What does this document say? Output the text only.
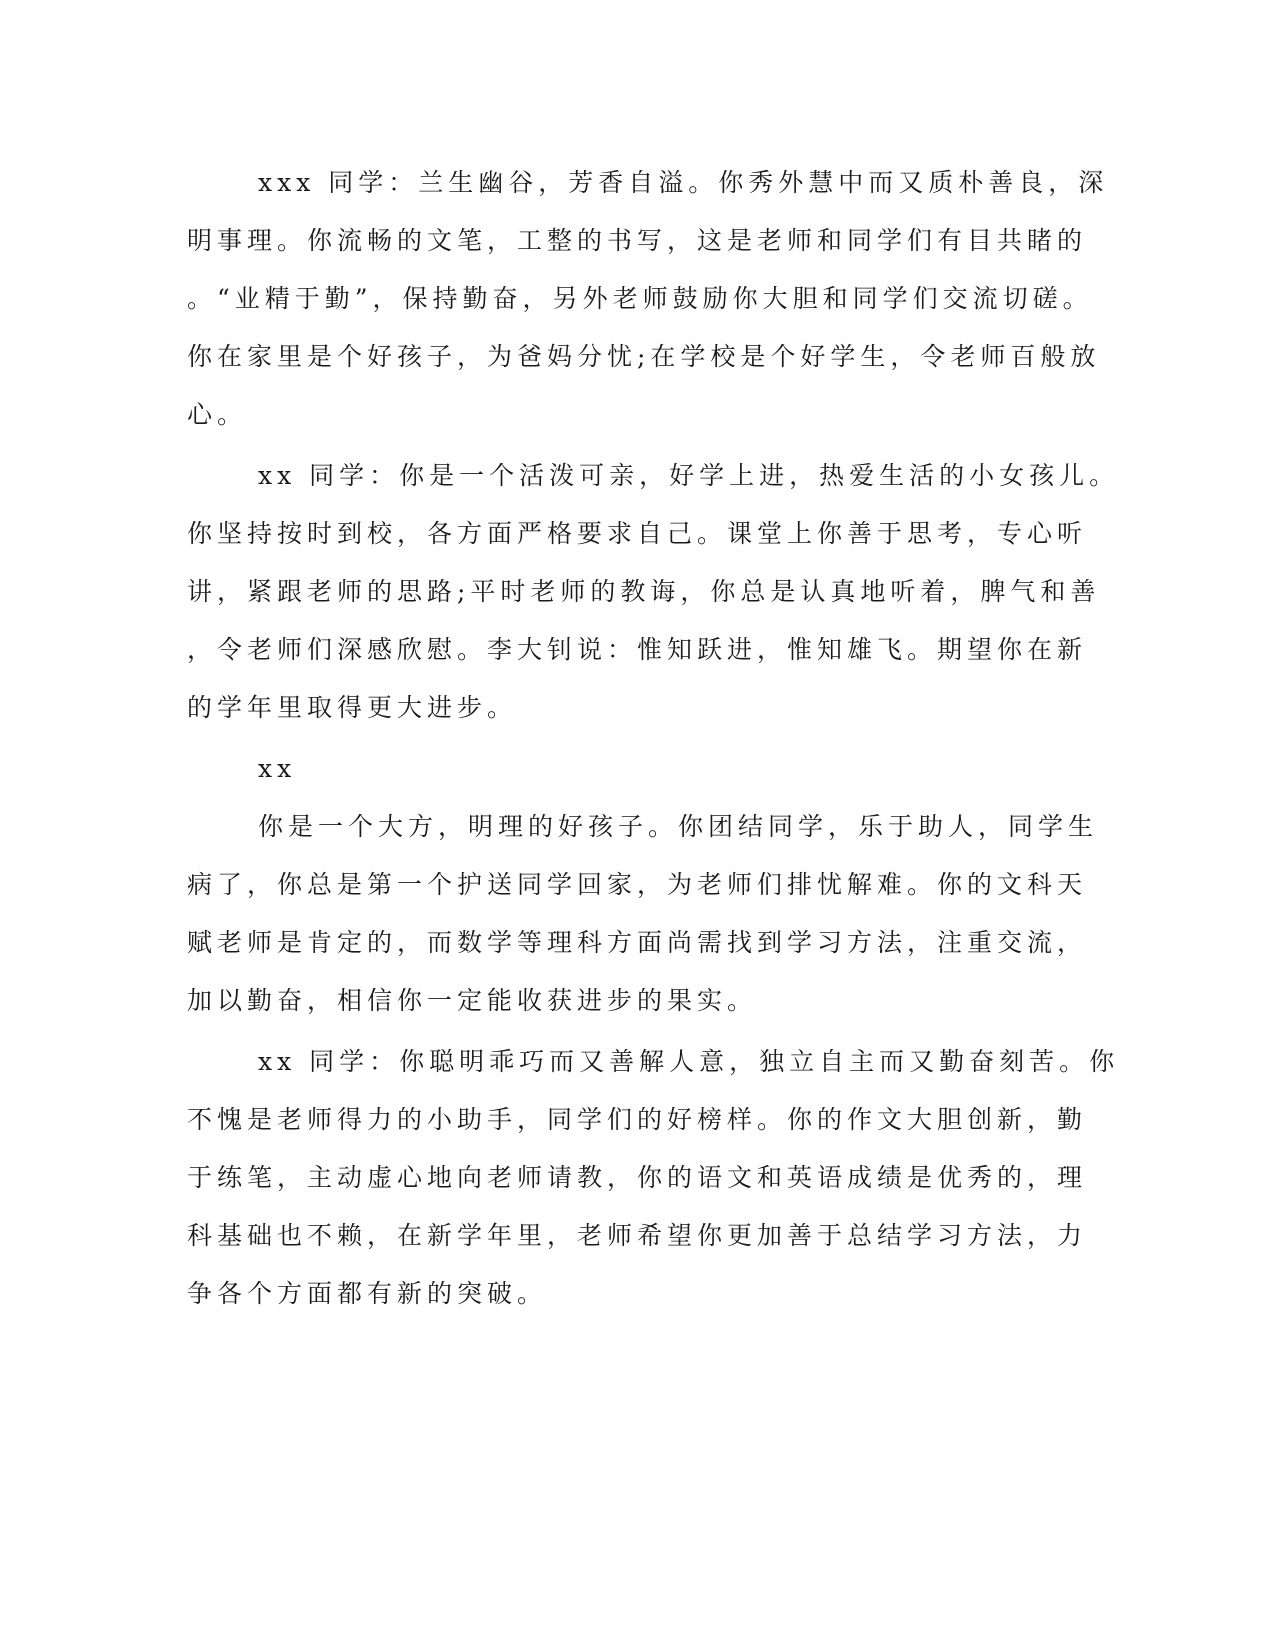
xxx 同学：兰生幽谷，芳香自溢。你秀外慧中而又质朴善良，深
明事理。你流畅的文笔，工整的书写，这是老师和同学们有目共睹的
。“业精于勤”，保持勤奋，另外老师鼓励你大胆和同学们交流切磋。
你在家里是个好孩子，为爸妈分忧;在学校是个好学生，令老师百般放
心。
xx 同学：你是一个活泼可亲，好学上进，热爱生活的小女孩儿。
你坚持按时到校，各方面严格要求自己。课堂上你善于思考，专心听
讲，紧跟老师的思路;平时老师的教诲，你总是认真地听着，脾气和善
，令老师们深感欣慰。李大钊说：惟知跃进，惟知雄飞。期望你在新
的学年里取得更大进步。
xx
你是一个大方，明理的好孩子。你团结同学，乐于助人，同学生
病了，你总是第一个护送同学回家，为老师们排忧解难。你的文科天
赋老师是肯定的，而数学等理科方面尚需找到学习方法，注重交流，
加以勤奋，相信你一定能收获进步的果实。
xx 同学：你聪明乖巧而又善解人意，独立自主而又勤奋刻苦。你
不愧是老师得力的小助手，同学们的好榜样。你的作文大胆创新，勤
于练笔，主动虚心地向老师请教，你的语文和英语成绩是优秀的，理
科基础也不赖，在新学年里，老师希望你更加善于总结学习方法，力
争各个方面都有新的突破。
